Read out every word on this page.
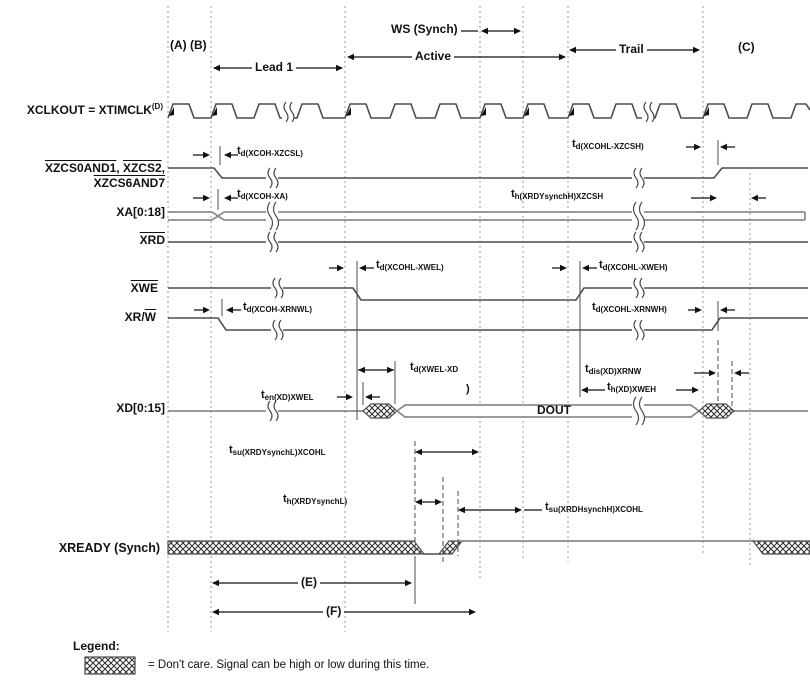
(A) (B)
Lead 1
WS (Synch)
Active	Trail	(C)
XCLKOUT = $XTIMCLK^{(D)}$
XZCS0AND1, XZCS2,
XZCS6AND7
XA[0:18]
$\overline{XRD}$
$\overline{XWE}$
$XR/\overline{W}$
XD[0:15]
XREADY (Synch)
DOUT
$t_{d(XCOH-XZCSL)}$
$t_{d(XCOHL-XZCSH)}$
$t_{d(XCOH-XA)}$	$t_{h(XRDYsynchH)XZCSH}$
$t_{d(XCOHL-XWEL)}$	$t_{d(XCOHL-XWEH)}$
$t_{d(XCOH-XRNWL)}$	$t_{d(XCOHL-XRNWH)}$
$t_{d(XWEL-XD}$
)
$t_{dis(XD)XRNW}$
$t_{h(XD)XWEH}$
$t_{en(XD)XWEL}$
$t_{su(XRDYsynchL)XCOHL}$
$t_{h(XRDYsynchL)}$	$t_{su(XRDHsynchH)XCOHL}$
(E)
(F)
Legend:
= Don't care. Signal can be high or low during this time.
